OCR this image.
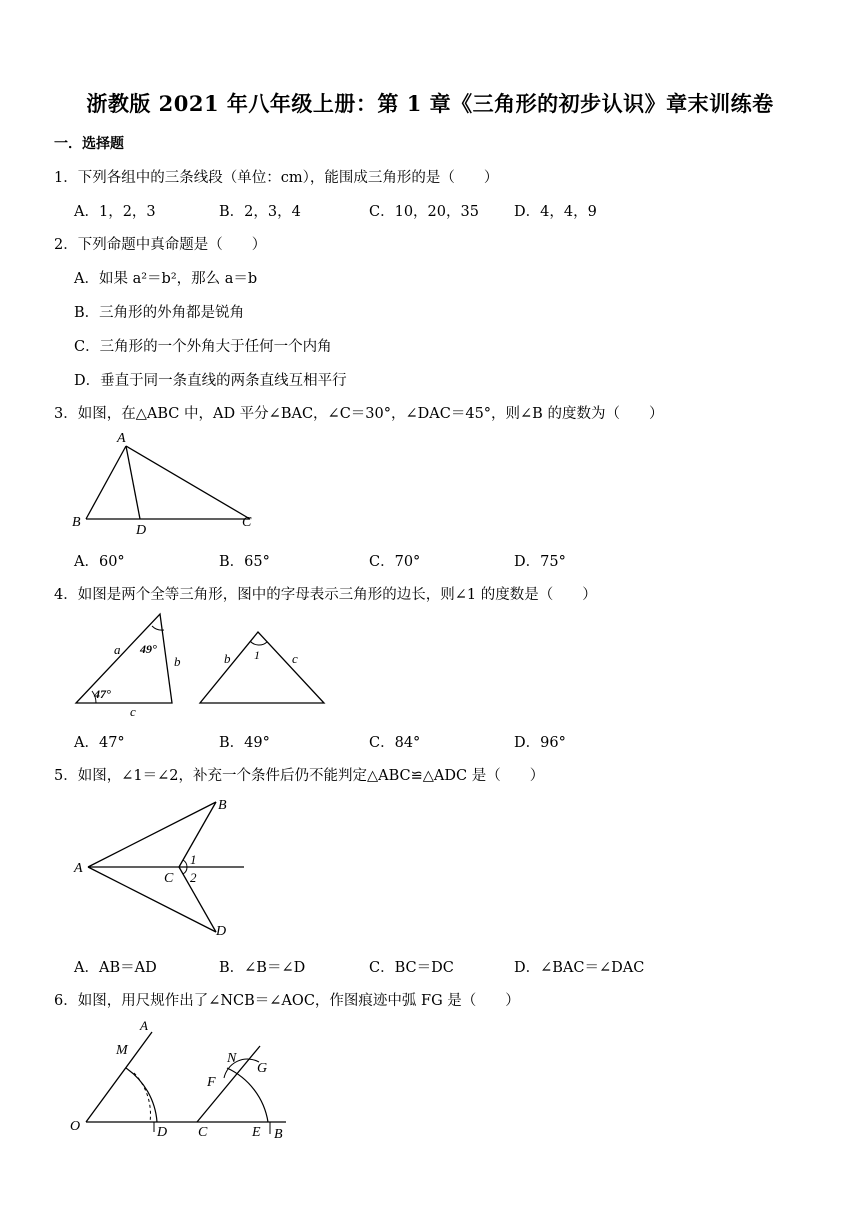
浙教版 2021 年八年级上册：第 1 章《三角形的初步认识》章末训练卷
一．选择题
1．下列各组中的三条线段（单位：cm），能围成三角形的是（　　）
A．1，2，3	B．2，3，4	C．10，20，35 D．4，4，9
2．下列命题中真命题是（　　）
A．如果 a²＝b²，那么 a＝b
B．三角形的外角都是锐角
C．三角形的一个外角大于任何一个内角
D．垂直于同一条直线的两条直线互相平行
3．如图，在△ABC 中，AD 平分∠BAC，∠C＝30°，∠DAC＝45°，则∠B 的度数为（　　）
A
B
D
C
A．60°	B．65°	C．70°	D．75°
4．如图是两个全等三角形，图中的字母表示三角形的边长，则∠1 的度数是（　　）
a
b
c
49°
47°
b	c
1
A．47°	B．49°	C．84°	D．96°
5．如图，∠1＝∠2，补充一个条件后仍不能判定△ABC≌△ADC 是（　　）
A
B
C
D
1
2
A．AB＝AD	B．∠B＝∠D	C．BC＝DC	D．∠BAC＝∠DAC
6．如图，用尺规作出了∠NCB＝∠AOC，作图痕迹中弧 FG 是（　　）
A
M
O	D
N
G
F
C	E B
